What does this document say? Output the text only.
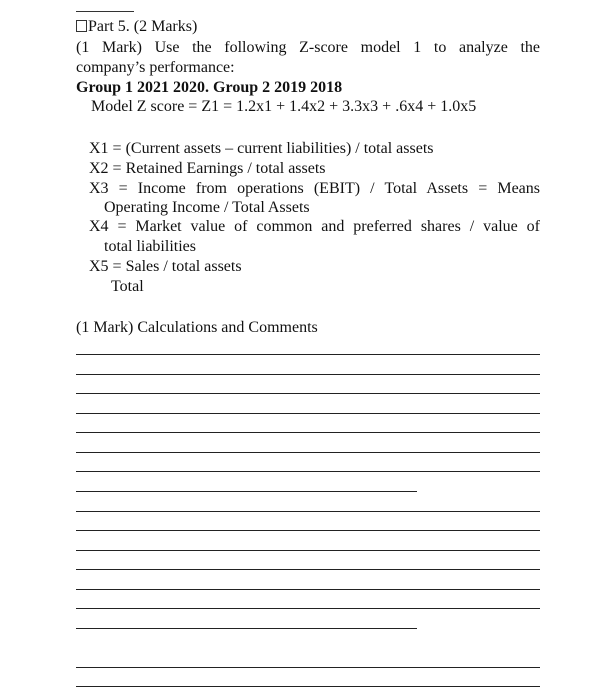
Part 5. (2 Marks)
(1 Mark) Use the following Z-score model 1 to analyze the
company’s performance:
Group 1 2021 2020. Group 2 2019 2018
Model Z score = Z1 = 1.2x1 + 1.4x2 + 3.3x3 + .6x4 + 1.0x5
X1 = (Current assets – current liabilities) / total assets
X2 = Retained Earnings / total assets
X3 = Income from operations (EBIT) / Total Assets = Means
Operating Income / Total Assets
X4 = Market value of common and preferred shares / value of
total liabilities
X5 = Sales / total assets
Total
(1 Mark) Calculations and Comments
